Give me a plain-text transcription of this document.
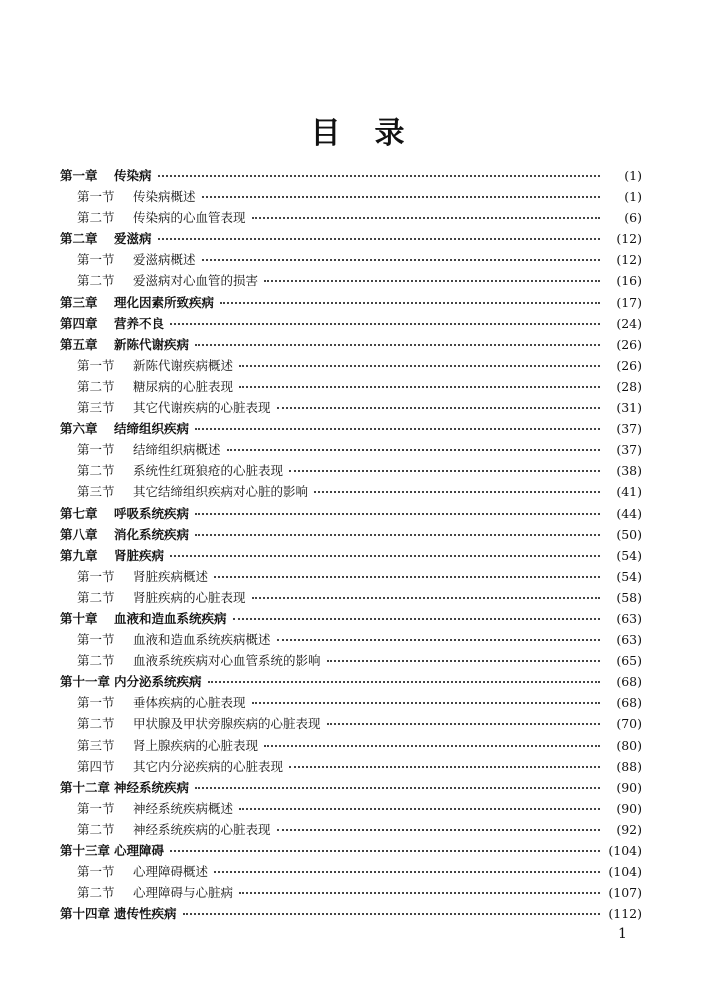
目录
第一章	传染病	(1)
第一节	传染病概述	(1)
第二节	传染病的心血管表现	(6)
第二章	爱滋病	(12)
第一节	爱滋病概述	(12)
第二节	爱滋病对心血管的损害	(16)
第三章	理化因素所致疾病	(17)
第四章	营养不良	(24)
第五章	新陈代谢疾病	(26)
第一节	新陈代谢疾病概述	(26)
第二节	糖尿病的心脏表现	(28)
第三节	其它代谢疾病的心脏表现	(31)
第六章	结缔组织疾病	(37)
第一节	结缔组织病概述	(37)
第二节	系统性红斑狼疮的心脏表现	(38)
第三节	其它结缔组织疾病对心脏的影响	(41)
第七章	呼吸系统疾病	(44)
第八章	消化系统疾病	(50)
第九章	肾脏疾病	(54)
第一节	肾脏疾病概述	(54)
第二节	肾脏疾病的心脏表现	(58)
第十章	血液和造血系统疾病	(63)
第一节	血液和造血系统疾病概述	(63)
第二节	血液系统疾病对心血管系统的影响	(65)
第十一章 内分泌系统疾病	(68)
第一节	垂体疾病的心脏表现	(68)
第二节	甲状腺及甲状旁腺疾病的心脏表现	(70)
第三节	肾上腺疾病的心脏表现	(80)
第四节	其它内分泌疾病的心脏表现	(88)
第十二章 神经系统疾病	(90)
第一节	神经系统疾病概述	(90)
第二节	神经系统疾病的心脏表现	(92)
第十三章 心理障碍	(104)
第一节	心理障碍概述	(104)
第二节	心理障碍与心脏病	(107)
第十四章 遗传性疾病	(112)
1
